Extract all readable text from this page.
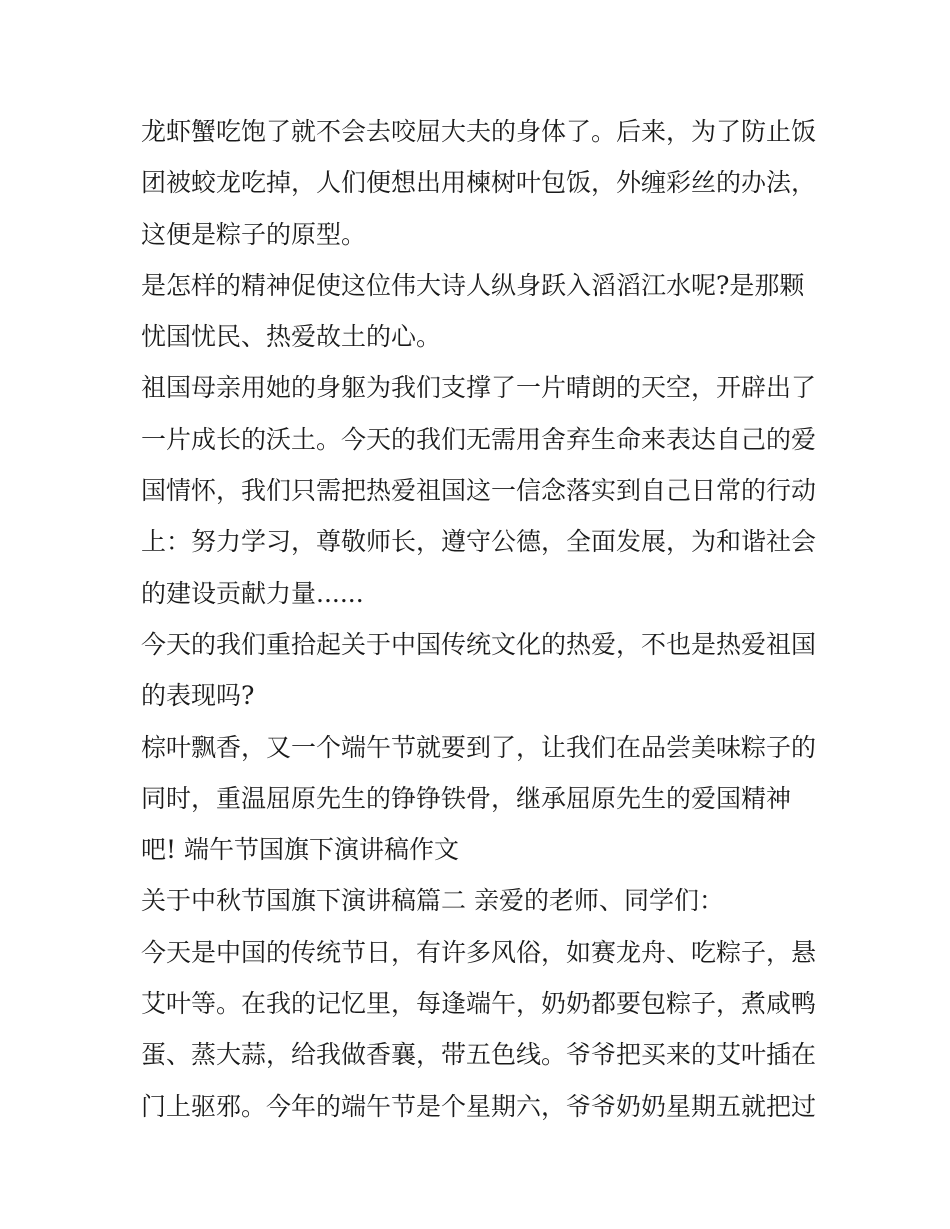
龙虾蟹吃饱了就不会去咬屈大夫的身体了。后来，为了防止饭
团被蛟龙吃掉，人们便想出用楝树叶包饭，外缠彩丝的办法，
这便是粽子的原型。
是怎样的精神促使这位伟大诗人纵身跃入滔滔江水呢?是那颗
忧国忧民、热爱故土的心。
祖国母亲用她的身躯为我们支撑了一片晴朗的天空，开辟出了
一片成长的沃土。今天的我们无需用舍弃生命来表达自己的爱
国情怀，我们只需把热爱祖国这一信念落实到自己日常的行动
上：努力学习，尊敬师长，遵守公德，全面发展，为和谐社会
的建设贡献力量......
今天的我们重拾起关于中国传统文化的热爱，不也是热爱祖国
的表现吗?
棕叶飘香，又一个端午节就要到了，让我们在品尝美味粽子的
同时，重温屈原先生的铮铮铁骨，继承屈原先生的爱国精神
吧! 端午节国旗下演讲稿作文
关于中秋节国旗下演讲稿篇二 亲爱的老师、同学们：
今天是中国的传统节日，有许多风俗，如赛龙舟、吃粽子，悬
艾叶等。在我的记忆里，每逢端午，奶奶都要包粽子，煮咸鸭
蛋、蒸大蒜，给我做香襄，带五色线。爷爷把买来的艾叶插在
门上驱邪。今年的端午节是个星期六，爷爷奶奶星期五就把过
